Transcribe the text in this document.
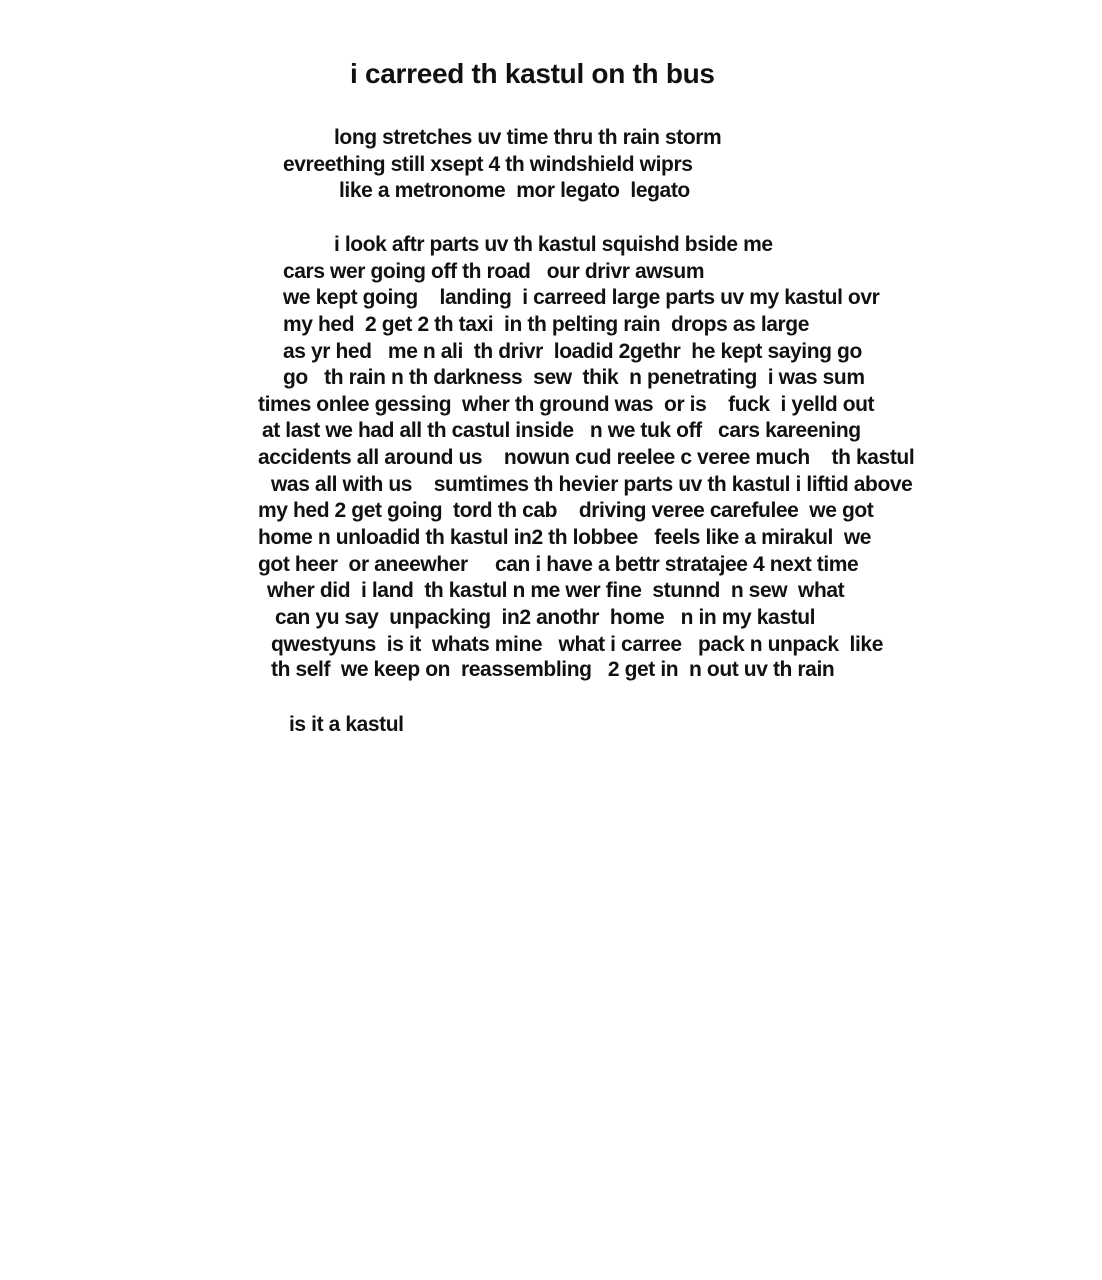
i carreed th kastul on th bus

long stretches uv time thru th rain storm

evreething still xsept 4 th windshield wiprs

like a metronome  mor legato  legato

i look aftr parts uv th kastul squishd bside me

cars wer going off th road   our drivr awsum

we kept going    landing  i carreed large parts uv my kastul ovr

my hed  2 get 2 th taxi  in th pelting rain  drops as large

as yr hed   me n ali  th drivr  loadid 2gethr  he kept saying go

go   th rain n th darkness  sew  thik  n penetrating  i was sum

times onlee gessing  wher th ground was  or is    fuck  i yelld out

at last we had all th castul inside   n we tuk off   cars kareening

accidents all around us    nowun cud reelee c veree much    th kastul

was all with us    sumtimes th hevier parts uv th kastul i liftid above

my hed 2 get going  tord th cab    driving veree carefulee  we got

home n unloadid th kastul in2 th lobbee   feels like a mirakul  we

got heer  or aneewher     can i have a bettr stratajee 4 next time

wher did  i land  th kastul n me wer fine  stunnd  n sew  what

can yu say  unpacking  in2 anothr  home   n in my kastul

qwestyuns  is it  whats mine   what i carree   pack n unpack  like

th self  we keep on  reassembling   2 get in  n out uv th rain

is it a kastul
